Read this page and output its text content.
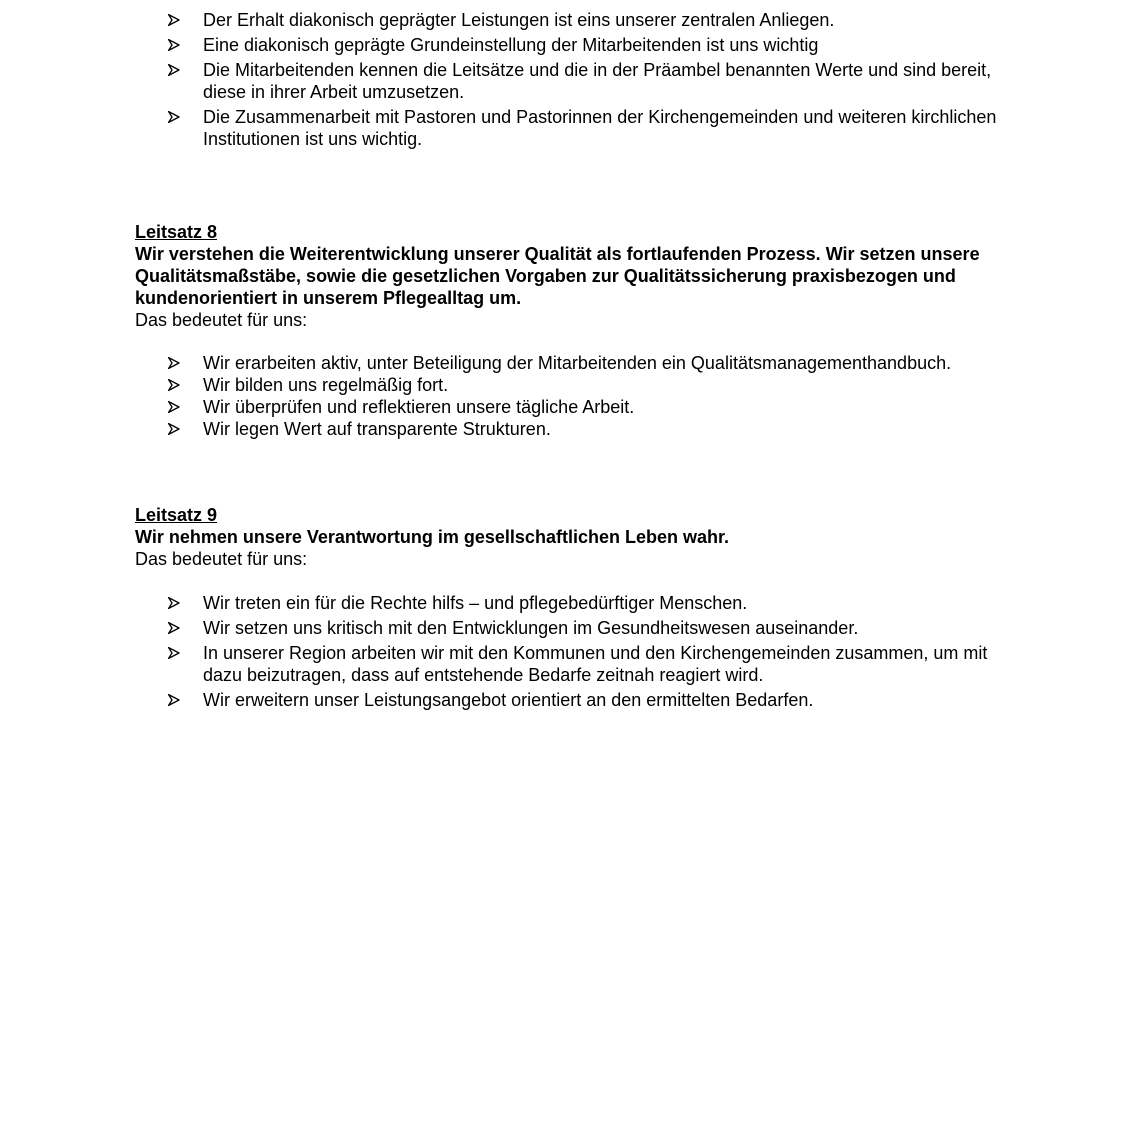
Der Erhalt diakonisch geprägter Leistungen ist eins unserer zentralen Anliegen.
Eine diakonisch geprägte Grundeinstellung der Mitarbeitenden ist uns wichtig
Die Mitarbeitenden kennen die Leitsätze und die in der Präambel benannten Werte und sind bereit, diese in ihrer Arbeit umzusetzen.
Die Zusammenarbeit mit Pastoren und Pastorinnen der Kirchengemeinden und weiteren kirchlichen Institutionen ist uns wichtig.
Leitsatz 8
Wir verstehen die Weiterentwicklung unserer Qualität als fortlaufenden Prozess. Wir setzen unsere Qualitätsmaßstäbe, sowie die gesetzlichen Vorgaben zur Qualitätssicherung praxisbezogen und kundenorientiert in unserem Pflegealltag um.
Das bedeutet für uns:
Wir erarbeiten aktiv, unter Beteiligung der Mitarbeitenden ein Qualitätsmanagementhandbuch.
Wir bilden uns regelmäßig fort.
Wir überprüfen und reflektieren unsere tägliche Arbeit.
Wir legen Wert auf transparente Strukturen.
Leitsatz 9
Wir nehmen unsere Verantwortung im gesellschaftlichen Leben wahr.
Das bedeutet für uns:
Wir treten ein für die Rechte hilfs – und pflegebedürftiger Menschen.
Wir setzen uns kritisch mit den Entwicklungen im Gesundheitswesen auseinander.
In unserer Region arbeiten wir mit den Kommunen und den Kirchengemeinden zusammen, um mit dazu beizutragen, dass auf entstehende Bedarfe zeitnah reagiert wird.
Wir erweitern unser Leistungsangebot orientiert an den ermittelten Bedarfen.
